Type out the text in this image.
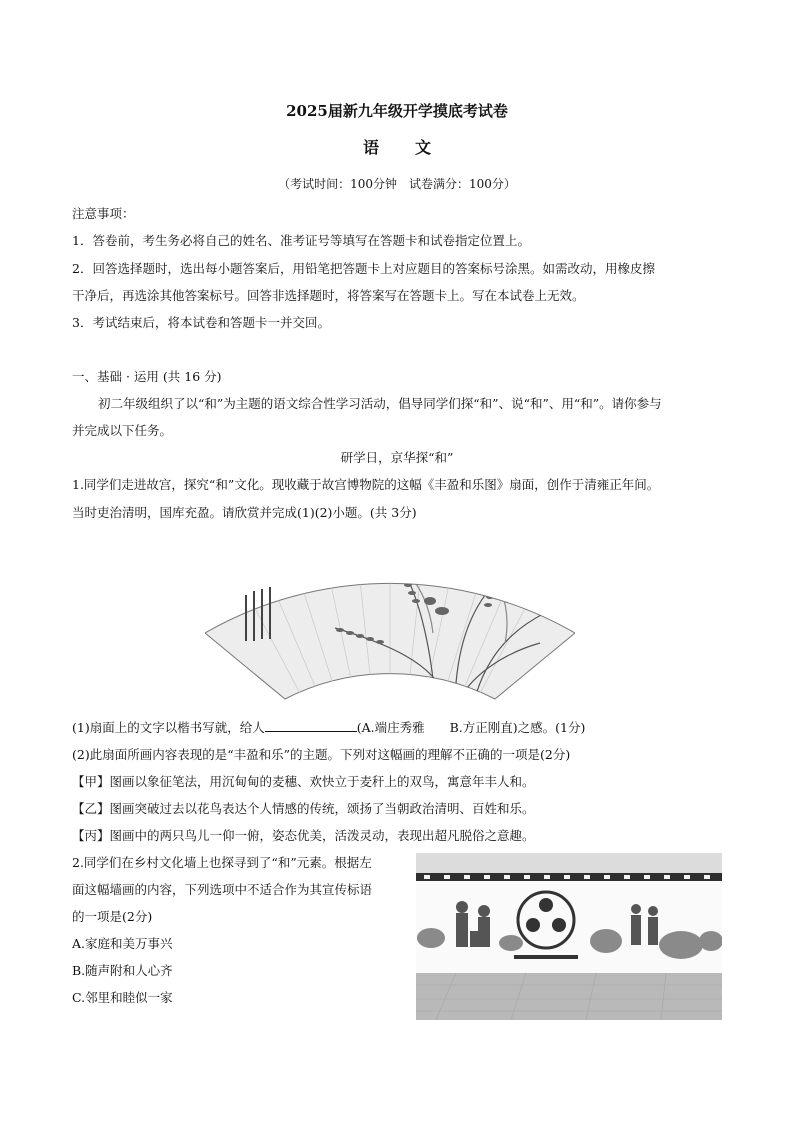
2025届新九年级开学摸底考试卷
语文
（考试时间：100分钟　试卷满分：100分）
注意事项：
1．答卷前，考生务必将自己的姓名、准考证号等填写在答题卡和试卷指定位置上。
2．回答选择题时，选出每小题答案后，用铅笔把答题卡上对应题目的答案标号涂黑。如需改动，用橡皮擦
干净后，再选涂其他答案标号。回答非选择题时，将答案写在答题卡上。写在本试卷上无效。
3．考试结束后，将本试卷和答题卡一并交回。
一、基础 · 运用 (共 16 分)
初二年级组织了以“和”为主题的语文综合性学习活动，倡导同学们探“和”、说“和”、用“和”。请你参与
并完成以下任务。
研学日，京华探“和”
1.同学们走进故宫，探究“和”文化。现收藏于故宫博物院的这幅《丰盈和乐图》扇面，创作于清雍正年间。
当时吏治清明，国库充盈。请欣赏并完成(1)(2)小题。(共 3分)
(1)扇面上的文字以楷书写就，给人	(A.端庄秀雅　　B.方正刚直)之感。(1分)
(2)此扇面所画内容表现的是“丰盈和乐”的主题。下列对这幅画的理解不正确的一项是(2分)
【甲】图画以象征笔法，用沉甸甸的麦穗、欢快立于麦秆上的双鸟，寓意年丰人和。
【乙】图画突破过去以花鸟表达个人情感的传统，颂扬了当朝政治清明、百姓和乐。
【丙】图画中的两只鸟儿一仰一俯，姿态优美，活泼灵动，表现出超凡脱俗之意趣。
2.同学们在乡村文化墙上也探寻到了“和”元素。根据左
面这幅墙画的内容，下列选项中不适合作为其宣传标语
的一项是(2分)
A.家庭和美万事兴
B.随声附和人心齐
C.邻里和睦似一家
